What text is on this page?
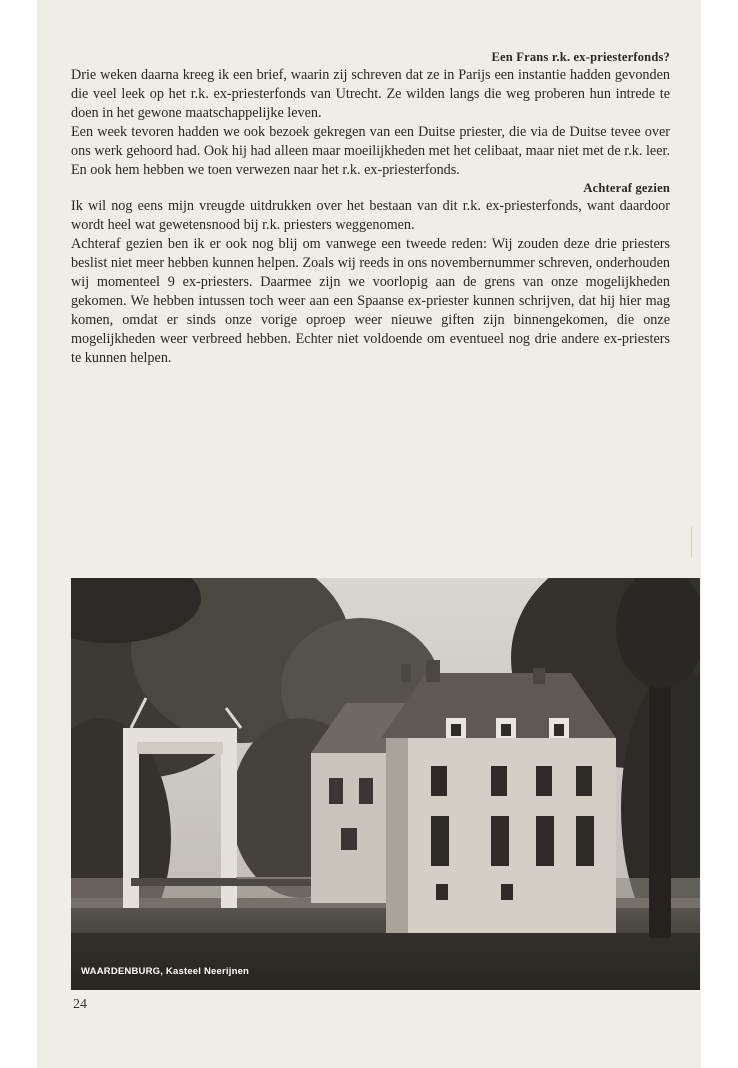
Een Frans r.k. ex-priesterfonds?

Drie weken daarna kreeg ik een brief, waarin zij schreven dat ze in Parijs een instantie hadden gevonden die veel leek op het r.k. ex-priesterfonds van Utrecht. Ze wilden langs die weg proberen hun intrede te doen in het gewone maatschappelijke leven.

Een week tevoren hadden we ook bezoek gekregen van een Duitse priester, die via de Duitse tevee over ons werk gehoord had. Ook hij had alleen maar moeilijkheden met het celibaat, maar niet met de r.k. leer. En ook hem hebben we toen verwezen naar het r.k. ex-priesterfonds.

Achteraf gezien

Ik wil nog eens mijn vreugde uitdrukken over het bestaan van dit r.k. ex-priesterfonds, want daardoor wordt heel wat gewetensnood bij r.k. priesters weggenomen.

Achteraf gezien ben ik er ook nog blij om vanwege een tweede reden: Wij zouden deze drie priesters beslist niet meer hebben kunnen helpen. Zoals wij reeds in ons novembernummer schreven, onderhouden wij momenteel 9 ex-priesters. Daarmee zijn we voorlopig aan de grens van onze mogelijkheden gekomen. We hebben intussen toch weer aan een Spaanse ex-priester kunnen schrijven, dat hij hier mag komen, omdat er sinds onze vorige oproep weer nieuwe giften zijn binnengekomen, die onze mogelijkheden weer verbreed hebben. Echter niet voldoende om eventueel nog drie andere ex-priesters te kunnen helpen.

WAARDENBURG, Kasteel Neerijnen
24
